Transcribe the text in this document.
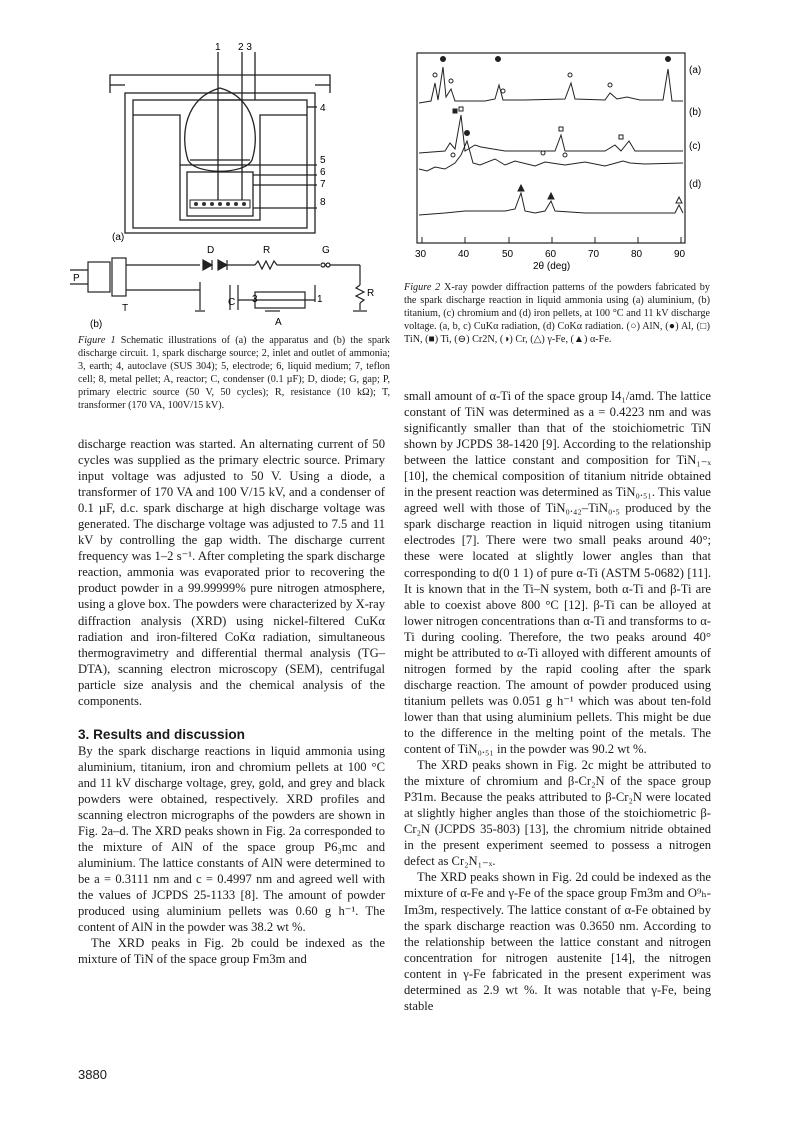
1 2 3
4
5
6
7
8
(a)
D	R	G
P
T
C 3	1
A
R
(b)
Figure 1 Schematic illustrations of (a) the apparatus and (b) the spark discharge circuit. 1, spark discharge source; 2, inlet and outlet of ammonia; 3, earth; 4, autoclave (SUS 304); 5, electrode; 6, liquid medium; 7, teflon cell; 8, metal pellet; A, reactor; C, condenser (0.1 µF); D, diode; G, gap; P, primary electric source (50 V, 50 cycles); R, resistance (10 kΩ); T, transformer (170 VA, 100V/15 kV).
(a)
(b)
(c)
(d)
30	40	50	60	70	80	90
2θ (deg)
Figure 2 X-ray powder diffraction patterns of the powders fabricated by the spark discharge reaction in liquid ammonia using (a) aluminium, (b) titanium, (c) chromium and (d) iron pellets, at 100 °C and 11 kV discharge voltage. (a, b, c) CuKα radiation, (d) CoKα radiation. (○) AlN, (●) Al, (□) TiN, (■) Ti, (⊖) Cr2N, (◑) Cr, (△) γ-Fe, (▲) α-Fe.

discharge reaction was started. An alternating current of 50 cycles was supplied as the primary electric source. Primary input voltage was adjusted to 50 V. Using a diode, a transformer of 170 VA and 100 V/15 kV, and a condenser of 0.1 µF, d.c. spark discharge at high discharge voltage was generated. The discharge voltage was adjusted to 7.5 and 11 kV by controlling the gap width. The discharge current frequency was 1–2 s⁻¹. After completing the spark discharge reaction, ammonia was evaporated prior to recovering the product powder in a 99.99999% pure nitrogen atmosphere, using a glove box. The powders were characterized by X-ray diffraction analysis (XRD) using nickel-filtered CuKα radiation and iron-filtered CoKα radiation, simultaneous thermogravimetry and differential thermal analysis (TG–DTA), scanning electron microscopy (SEM), centrifugal particle size analysis and the chemical analysis of the components.

3. Results and discussion

By the spark discharge reactions in liquid ammonia using aluminium, titanium, iron and chromium pellets at 100 °C and 11 kV discharge voltage, grey, gold, and grey and black powders were obtained, respectively. XRD profiles and scanning electron micrographs of the powders are shown in Fig. 2a–d. The XRD peaks shown in Fig. 2a corresponded to the mixture of AlN of the space group P6₃mc and aluminium. The lattice constants of AlN were determined to be a = 0.3111 nm and c = 0.4997 nm and agreed well with the values of JCPDS 25-1133 [8]. The amount of powder produced using aluminium pellets was 0.60 g h⁻¹. The content of AlN in the powder was 38.2 wt %.

The XRD peaks in Fig. 2b could be indexed as the mixture of TiN of the space group Fm3m and

small amount of α-Ti of the space group I4₁/amd. The lattice constant of TiN was determined as a = 0.4223 nm and was significantly smaller than that of the stoichiometric TiN shown by JCPDS 38-1420 [9]. According to the relationship between the lattice constant and composition for TiN₁₋ₓ [10], the chemical composition of titanium nitride obtained in the present reaction was determined as TiN₀.₅₁. This value agreed well with those of TiN₀.₄₂–TiN₀.₅ produced by the spark discharge reaction in liquid nitrogen using titanium electrodes [7]. There were two small peaks around 40°; these were located at slightly lower angles than that corresponding to d(0 1 1) of pure α-Ti (ASTM 5-0682) [11]. It is known that in the Ti–N system, both α-Ti and β-Ti are able to coexist above 800 °C [12]. β-Ti can be alloyed at lower nitrogen concentrations than α-Ti and transforms to α-Ti during cooling. Therefore, the two peaks around 40° might be attributed to α-Ti alloyed with different amounts of nitrogen formed by the rapid cooling after the spark discharge reaction. The amount of powder produced using titanium pellets was 0.051 g h⁻¹ which was about ten-fold lower than that using aluminium pellets. This might be due to the difference in the melting point of the metals. The content of TiN₀.₅₁ in the powder was 90.2 wt %.

The XRD peaks shown in Fig. 2c might be attributed to the mixture of chromium and β-Cr₂N of the space group P3̄1m. Because the peaks attributed to β-Cr₂N were located at slightly higher angles than those of the stoichiometric β-Cr₂N (JCPDS 35-803) [13], the chromium nitride obtained in the present experiment seemed to possess a nitrogen defect as Cr₂N₁₋ₓ.

The XRD peaks shown in Fig. 2d could be indexed as the mixture of α-Fe and γ-Fe of the space group Fm3m and O⁹ₕ-Im3m, respectively. The lattice constant of α-Fe obtained by the spark discharge reaction was 0.3650 nm. According to the relationship between the lattice constant and nitrogen concentration for nitrogen austenite [14], the nitrogen content in γ-Fe fabricated in the present experiment was determined as 2.9 wt %. It was notable that γ-Fe, being stable

3880
